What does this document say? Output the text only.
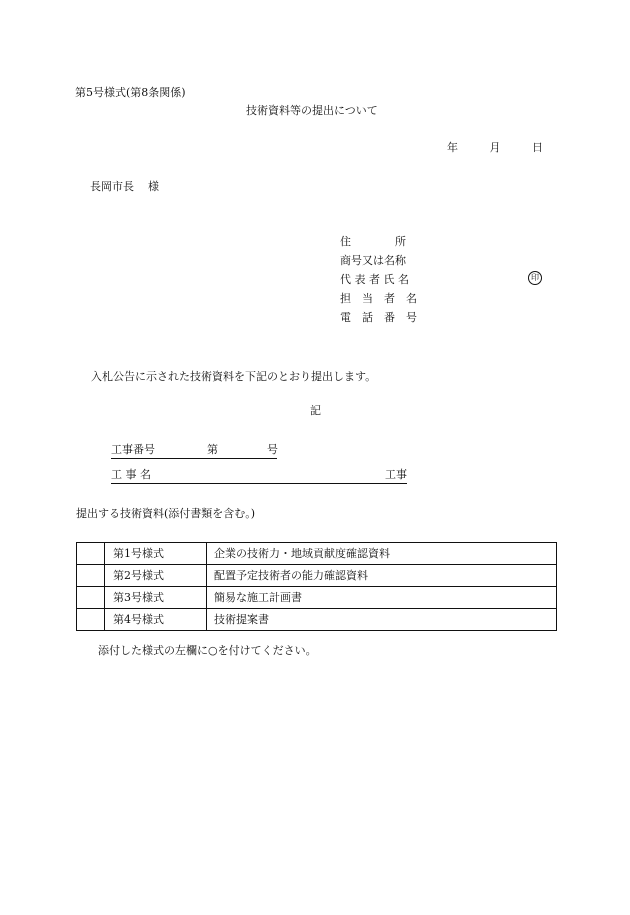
第5号様式(第8条関係)
技術資料等の提出について
年	月	日
長岡市長 様
住　　　　所
商号又は名称
代 表 者 氏 名
担　当　者　名
電　話　番　号
印
入札公告に示された技術資料を下記のとおり提出します。
記
工事番号	第	号
工 事 名	工事
提出する技術資料(添付書類を含む。)
	第1号様式	企業の技術力・地域貢献度確認資料
	第2号様式	配置予定技術者の能力確認資料
	第3号様式	簡易な施工計画書
	第4号様式	技術提案書
添付した様式の左欄に○を付けてください。
